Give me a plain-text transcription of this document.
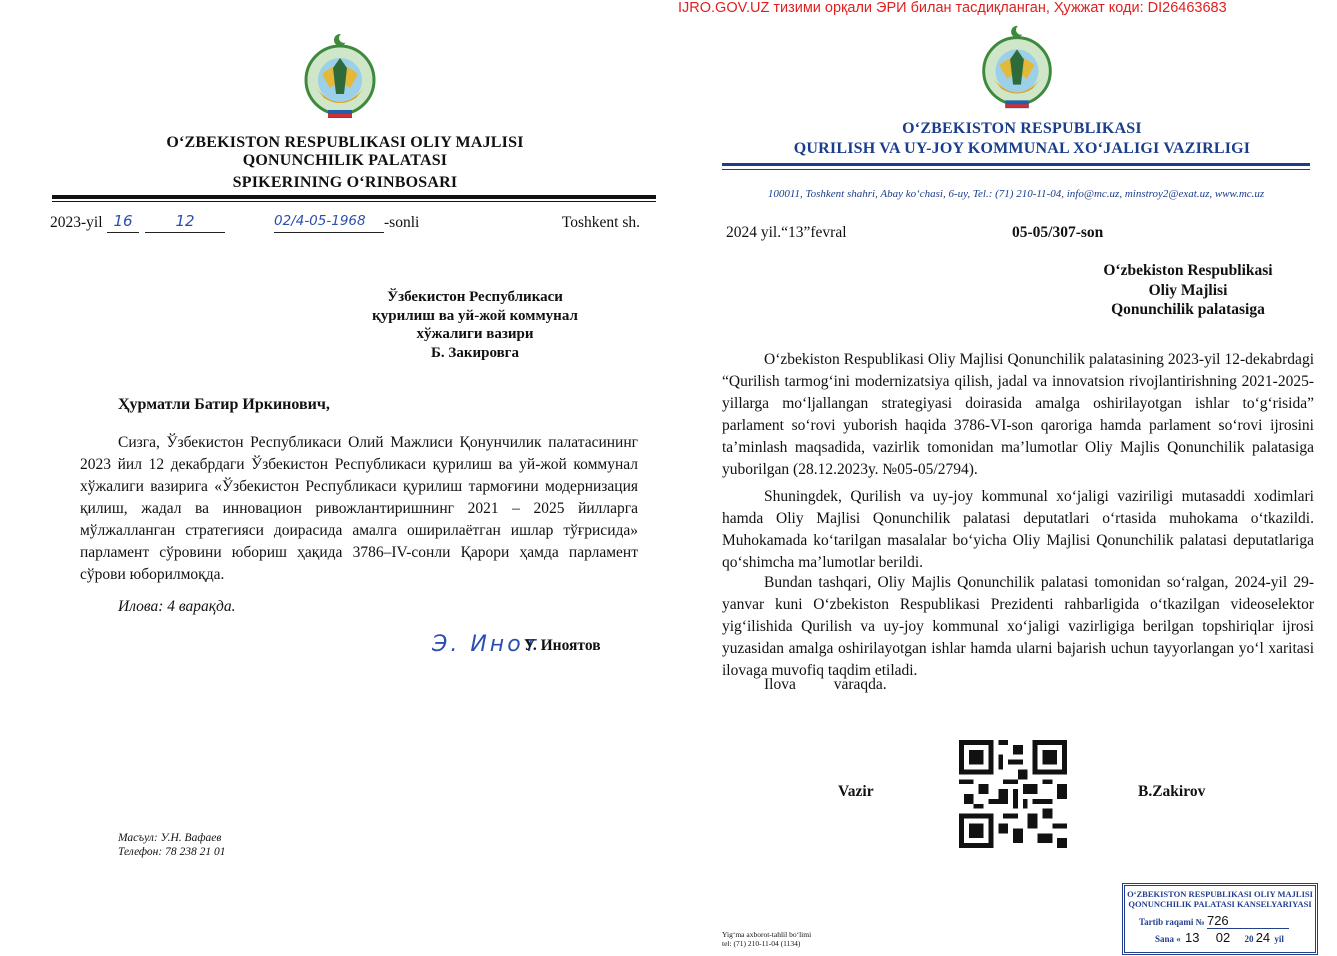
O‘ZBEKISTON RESPUBLIKASI OLIY MAJLISI
QONUNCHILIK PALATASI
SPIKERINING O‘RINBOSARI
2023-yil 16	12	02/4-05-1968	-sonli	Toshkent sh.
Ўзбекистон Республикаси
қурилиш ва уй-жой коммунал
хўжалиги вазири
Б. Закировга
Ҳурматли Батир Иркинович,
Сизга, Ўзбекистон Республикаси Олий Мажлиси Қонунчилик палатасининг 2023 йил 12 декабрдаги Ўзбекистон Республикаси қурилиш ва уй-жой коммунал хўжалиги вазирига «Ўзбекистон Республикаси қурилиш тармоғини модернизация қилиш, жадал ва инновацион ривожлантиришнинг 2021 – 2025 йилларга мўлжалланган стратегияси доирасида амалга оширилаётган ишлар тўғрисида» парламент сўровини юбориш ҳақида 3786–IV-сонли Қарори ҳамда парламент сўрови юборилмоқда.
Илова: 4 варақда.
Э. Инот
У. Иноятов
Масъул: У.Н. Вафаев
Телефон: 78 238 21 01
IJRO.GOV.UZ тизими орқали ЭРИ билан тасдиқланган, Ҳужжат коди: DI26463683
O‘ZBEKISTON RESPUBLIKASI
QURILISH VA UY-JOY KOMMUNAL XO‘JALIGI VAZIRLIGI
100011, Toshkent shahri, Abay ko‘chasi, 6-uy, Tel.: (71) 210-11-04, info@mc.uz, minstroy2@exat.uz, www.mc.uz
2024 yil.“13”fevral	05-05/307-son
O‘zbekiston Respublikasi
Oliy Majlisi
Qonunchilik palatasiga
O‘zbekiston Respublikasi Oliy Majlisi Qonunchilik palatasining 2023-yil 12-dekabrdagi “Qurilish tarmog‘ini modernizatsiya qilish, jadal va innovatsion rivojlantirishning 2021-2025-yillarga mo‘ljallangan strategiyasi doirasida amalga oshirilayotgan ishlar to‘g‘risida” parlament so‘rovi yuborish haqida 3786-VI-son qaroriga hamda parlament so‘rovi ijrosini ta’minlash maqsadida, vazirlik tomonidan ma’lumotlar Oliy Majlis Qonunchilik palatasiga yuborilgan (28.12.2023y. №05-05/2794).
Shuningdek, Qurilish va uy-joy kommunal xo‘jaligi vaziriligi mutasaddi xodimlari hamda Oliy Majlisi Qonunchilik palatasi deputatlari o‘rtasida muhokama o‘tkazildi. Muhokamada ko‘tarilgan masalalar bo‘yicha Oliy Majlisi Qonunchilik palatasi deputatlariga qo‘shimcha ma’lumotlar berildi.
Bundan tashqari, Oliy Majlis Qonunchilik palatasi tomonidan so‘ralgan, 2024-yil 29-yanvar kuni O‘zbekiston Respublikasi Prezidenti rahbarligida o‘tkazilgan videoselektor yig‘ilishida Qurilish va uy-joy kommunal xo‘jaligi vazirligiga berilgan topshiriqlar ijrosi yuzasidan amalga oshirilayotgan ishlar hamda ularni bajarish uchun tayyorlangan yo‘l xaritasi ilovaga muvofiq taqdim etiladi.
Ilova varaqda.
Vazir	B.Zakirov
Yig‘ma axborot-tahlil bo‘limi
tel: (71) 210-11-04 (1134)
O‘ZBEKISTON RESPUBLIKASI OLIY MAJLISI
QONUNCHILIK PALATASI KANSELYARIYASI
Tartib raqami № 726
Sana « 13 02 20 24 yil
